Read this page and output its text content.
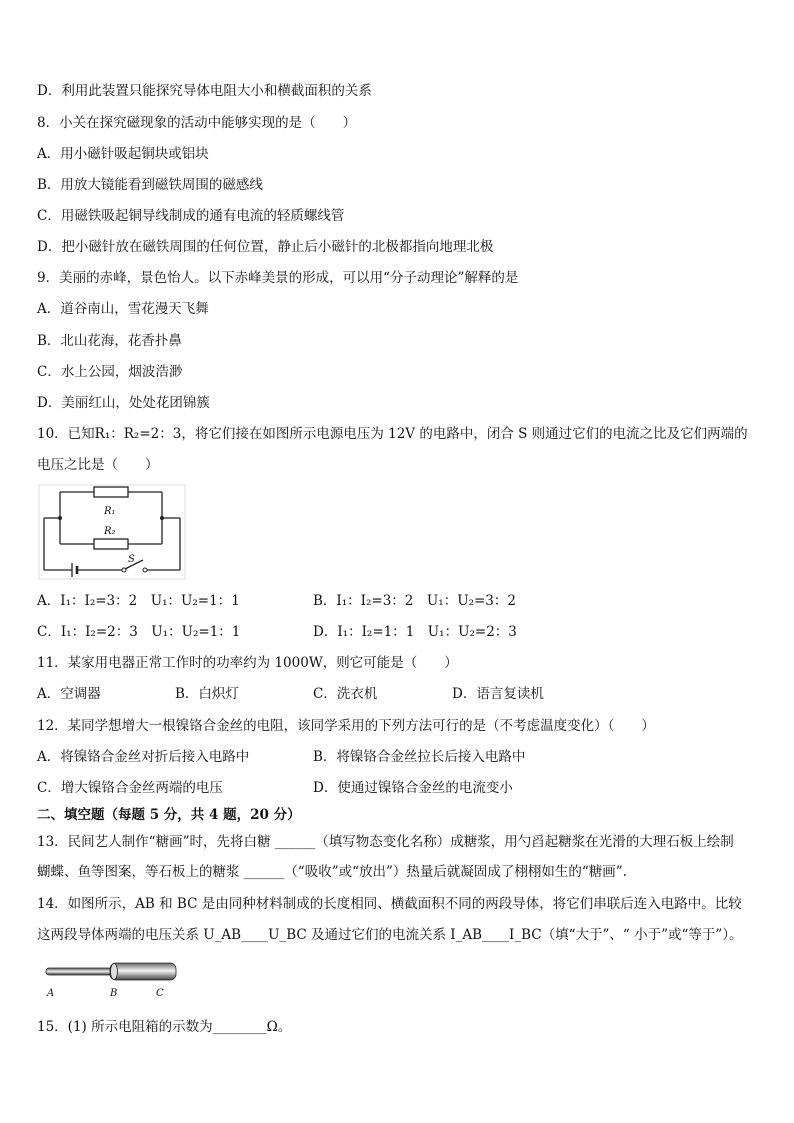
D．利用此装置只能探究导体电阻大小和横截面积的关系
8．小关在探究磁现象的活动中能够实现的是（　　）
A．用小磁针吸起铜块或铝块
B．用放大镜能看到磁铁周围的磁感线
C．用磁铁吸起铜导线制成的通有电流的轻质螺线管
D．把小磁针放在磁铁周围的任何位置，静止后小磁针的北极都指向地理北极
9．美丽的赤峰，景色怡人。以下赤峰美景的形成，可以用“分子动理论”解释的是
A．道谷南山，雪花漫天飞舞
B．北山花海，花香扑鼻
C．水上公园，烟波浩渺
D．美丽红山，处处花团锦簇
10．已知R₁：R₂=2：3，将它们接在如图所示电源电压为 12V 的电路中，闭合 S 则通过它们的电流之比及它们两端的
电压之比是（　　）
R₁
R₂
S
A．I₁：I₂=3：2　U₁：U₂=1：1	B．I₁：I₂=3：2　U₁：U₂=3：2
C．I₁：I₂=2：3　U₁：U₂=1：1	D．I₁：I₂=1：1　U₁：U₂=2：3
11．某家用电器正常工作时的功率约为 1000W，则它可能是（　　）
A．空调器	B．白炽灯	C．洗衣机	D．语言复读机
12．某同学想增大一根镍铬合金丝的电阻，该同学采用的下列方法可行的是（不考虑温度变化）（　　）
A．将镍铬合金丝对折后接入电路中	B．将镍铬合金丝拉长后接入电路中
C．增大镍铬合金丝两端的电压	D．使通过镍铬合金丝的电流变小
二、填空题（每题 5 分，共 4 题，20 分）
13．民间艺人制作“糖画”时，先将白糖 ______（填写物态变化名称）成糖浆，用勺舀起糖浆在光滑的大理石板上绘制
蝴蝶、鱼等图案，等石板上的糖浆 ______（“吸收”或“放出”）热量后就凝固成了栩栩如生的“糖画”.
14．如图所示，AB 和 BC 是由同种材料制成的长度相同、横截面积不同的两段导体，将它们串联后连入电路中。比较
这两段导体两端的电压关系 U_AB____U_BC 及通过它们的电流关系 I_AB____I_BC（填“大于”、“ 小于”或“等于”）。
A	B	C
15．(1) 所示电阻箱的示数为________Ω。
